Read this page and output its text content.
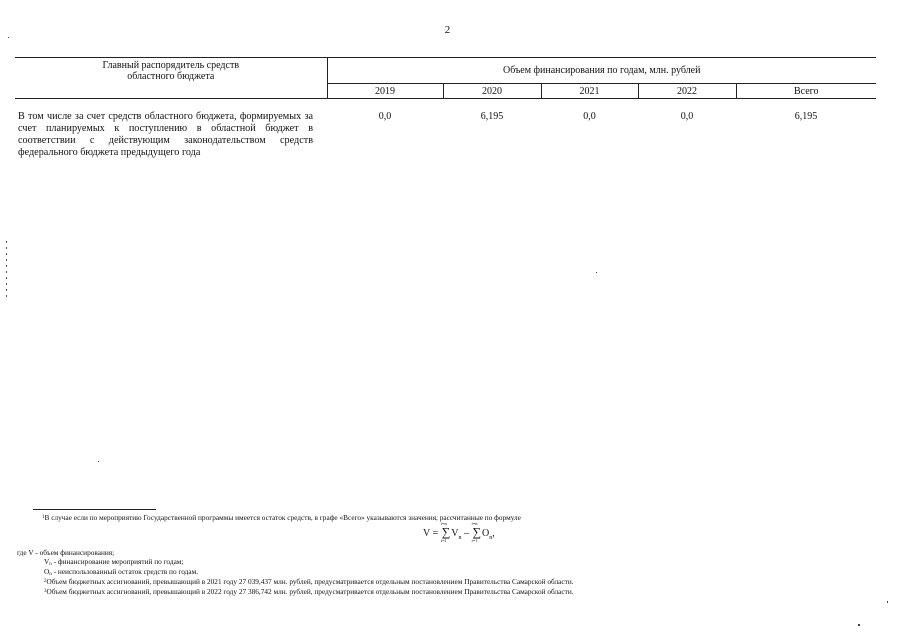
2
Главный распорядитель средств областного бюджета	Объем финансирования по годам, млн. рублей				
	2019	2020	2021	2022	Всего
В том числе за счет средств областного бюджета, формируемых за счет планируемых к поступлению в областной бюджет в соответствии с действующим законодательством средств федерального бюджета предыдущего года	0,0	6,195	0,0	0,0	6,195
$^1$В случае если по мероприятию Государственной программы имеется остаток средств, в графе «Всего» указываются значения, рассчитанные по формуле
V = ∑
i=n
i=1
$V_n$ – ∑
i=n
i=1
$O_n$,
где V - объем финансирования;
$V_n$ - финансирование мероприятий по годам;
$O_n$ - неиспользованный остаток средств по годам.
$^2$Объем бюджетных ассигнований, превышающий в 2021 году 27 039,437 млн. рублей, предусматривается отдельным постановлением Правительства Самарской области.
$^3$Объем бюджетных ассигнований, превышающий в 2022 году 27 386,742 млн. рублей, предусматривается отдельным постановлением Правительства Самарской области.
